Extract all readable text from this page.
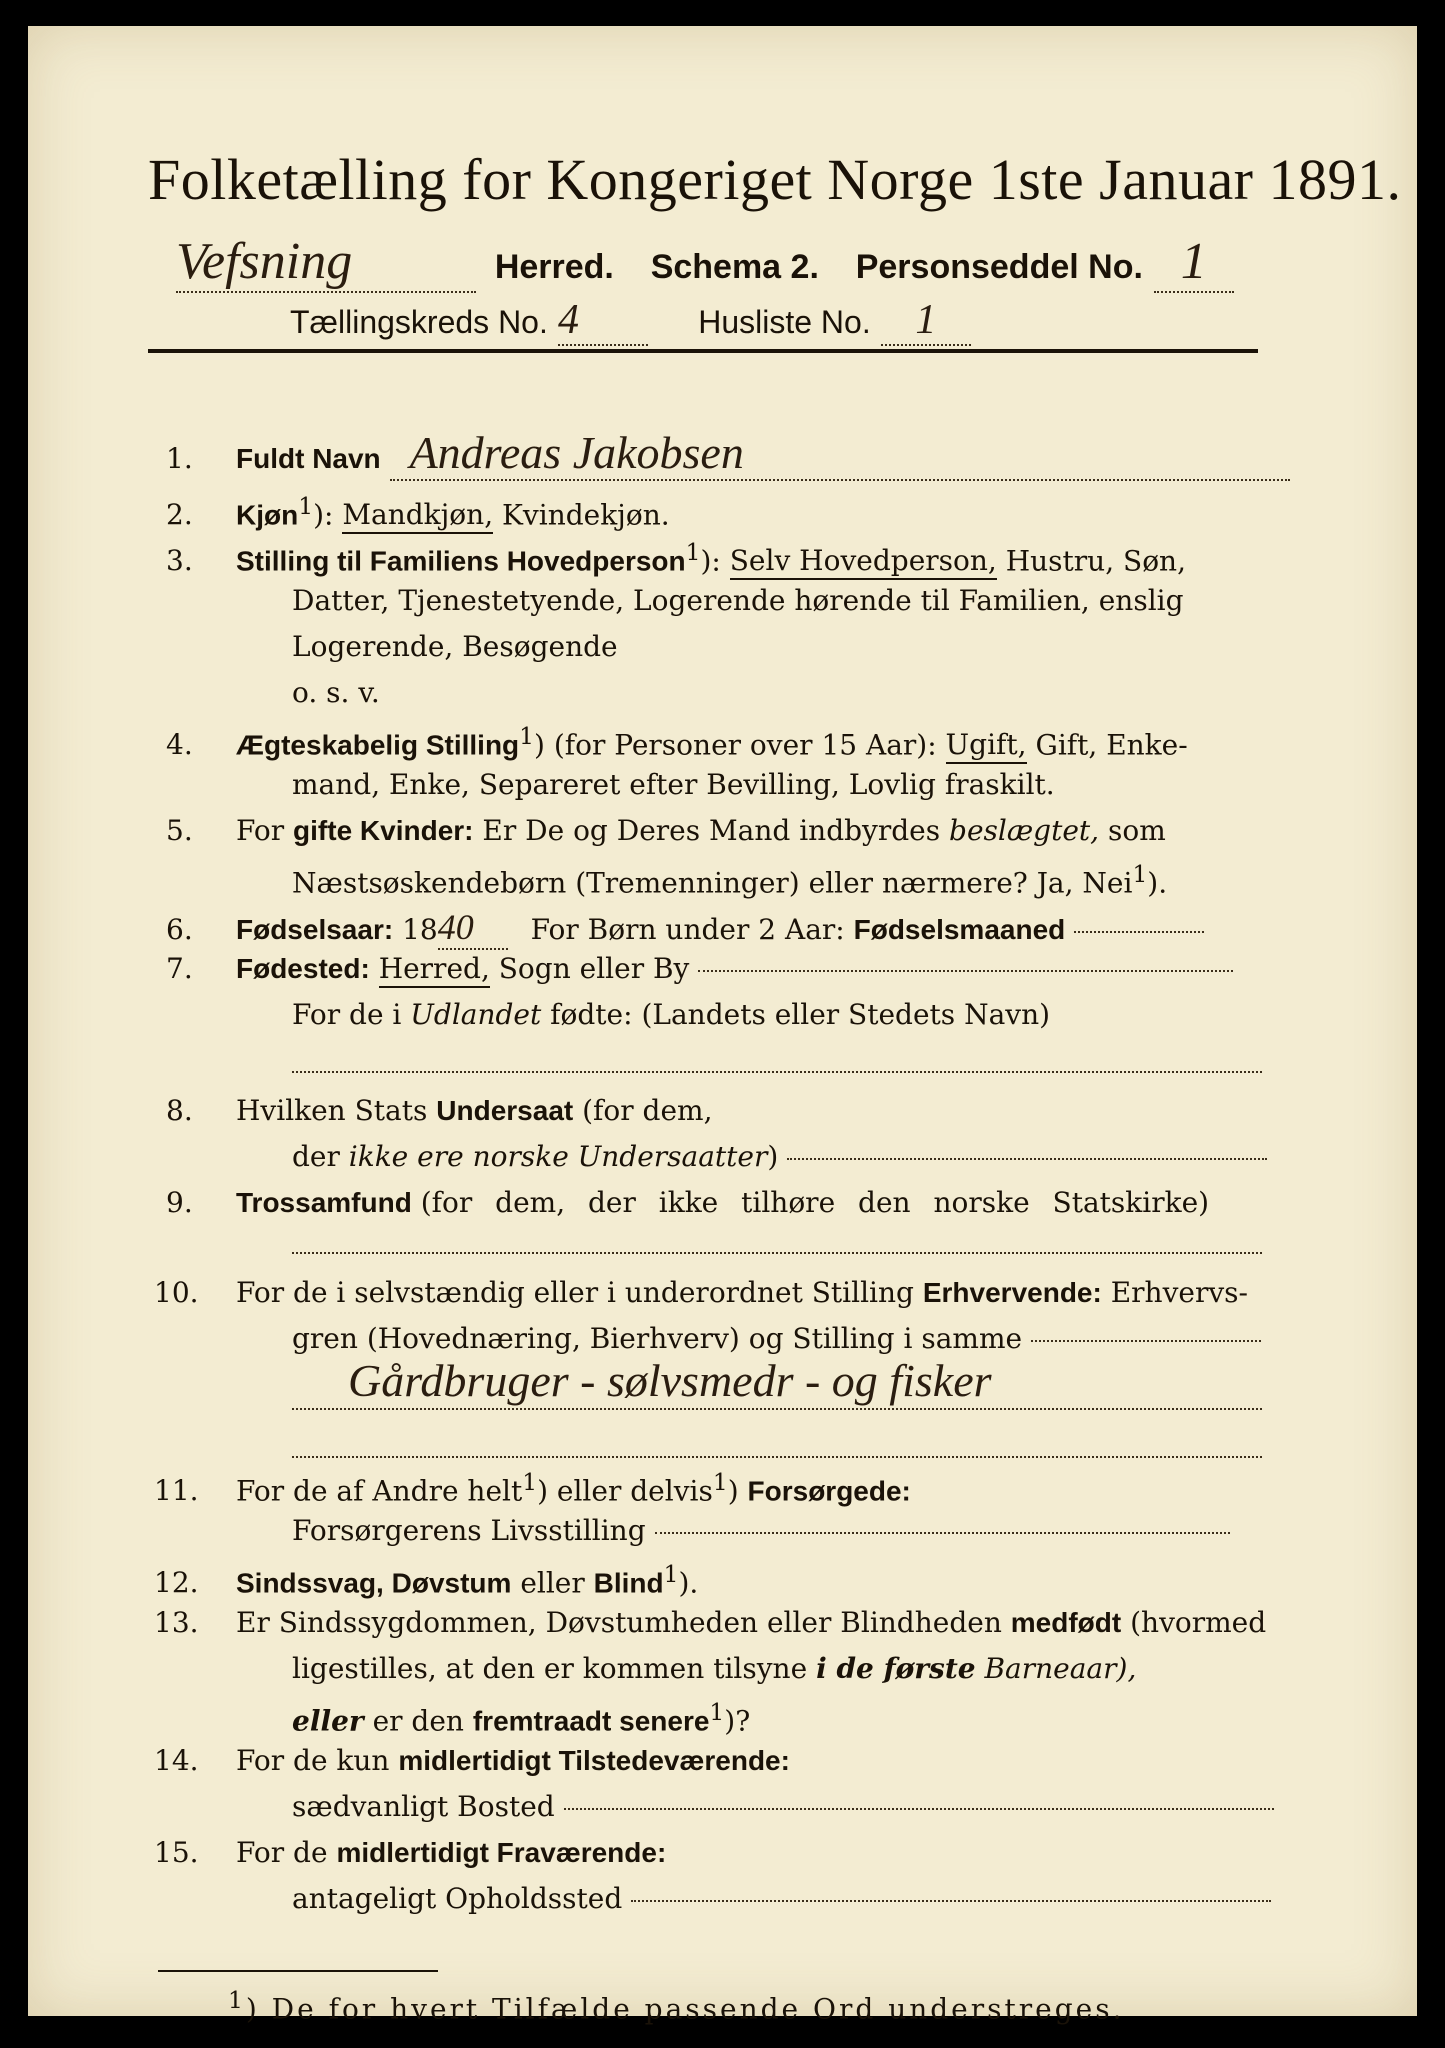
Folketælling for Kongeriget Norge 1ste Januar 1891.
Vefsning	Herred. Schema 2. Personseddel No. 1
Tællingskreds No. 4	Husliste No. 1
1. Fuldt Navn Andreas Jakobsen
2. Kjøn$^1$): Mandkjøn, Kvindekjøn.
3. Stilling til Familiens Hovedperson$^1$): Selv Hovedperson, Hustru, Søn,
Datter, Tjenestetyende, Logerende hørende til Familien, enslig
Logerende, Besøgende
o. s. v.
4. Ægteskabelig Stilling$^1$) (for Personer over 15 Aar): Ugift, Gift, Enke-
mand, Enke, Separeret efter Bevilling, Lovlig fraskilt.
5. For gifte Kvinder: Er De og Deres Mand indbyrdes beslægtet, som
Næstsøskendebørn (Tremenninger) eller nærmere? Ja, Nei$^1$).
6. Fødselsaar: 1840 For Børn under 2 Aar: Fødselsmaaned
7. Fødested: Herred, Sogn eller By
For de i Udlandet fødte: (Landets eller Stedets Navn)
8. Hvilken Stats Undersaat (for dem,
der ikke ere norske Undersaatter)
9. Trossamfund (for dem, der ikke tilhøre den norske Statskirke)
10. For de i selvstændig eller i underordnet Stilling Erhvervende: Erhvervs-
gren (Hovednæring, Bierhverv) og Stilling i samme
Gårdbruger - sølvsmedr - og fisker
11. For de af Andre helt$^1$) eller delvis$^1$) Forsørgede:
Forsørgerens Livsstilling
12. Sindssvag, Døvstum eller Blind$^1$).
13. Er Sindssygdommen, Døvstumheden eller Blindheden medfødt (hvormed
ligestilles, at den er kommen tilsyne i de første Barneaar),
eller er den fremtraadt senere$^1$)?
14. For de kun midlertidigt Tilstedeværende:
sædvanligt Bosted
15. For de midlertidigt Fraværende:
antageligt Opholdssted
$^1$) De for hvert Tilfælde passende Ord understreges.
